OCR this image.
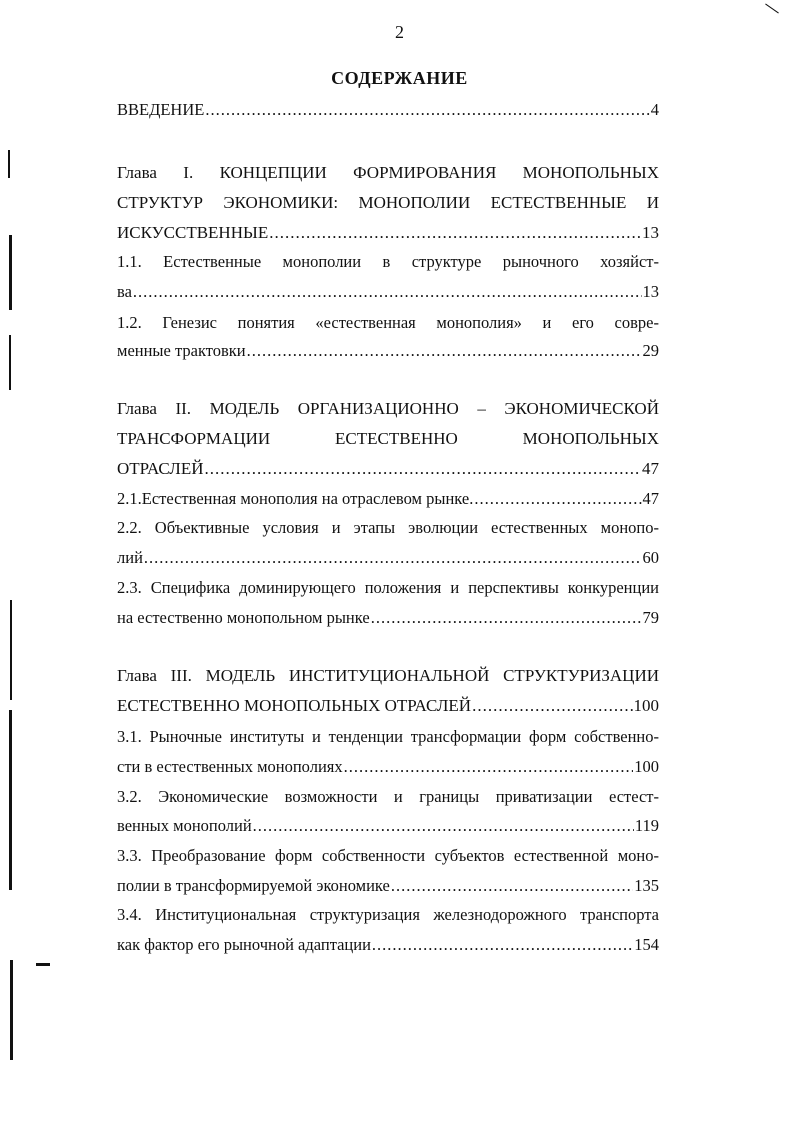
2
СОДЕРЖАНИЕ
ВВЕДЕНИЕ .....	4
Глава I. КОНЦЕПЦИИ ФОРМИРОВАНИЯ МОНОПОЛЬНЫХ
СТРУКТУР ЭКОНОМИКИ: МОНОПОЛИИ ЕСТЕСТВЕННЫЕ И
ИСКУССТВЕННЫЕ .....	13
1.1. Естественные монополии в структуре рыночного хозяйст-
ва .....	13
1.2. Генезис понятия «естественная монополия» и его совре-
менные трактовки .....	29
Глава II. МОДЕЛЬ ОРГАНИЗАЦИОННО – ЭКОНОМИЧЕСКОЙ
ТРАНСФОРМАЦИИ ЕСТЕСТВЕННО МОНОПОЛЬНЫХ
ОТРАСЛЕЙ .....	47
2.1.Естественная монополия на отраслевом рынке. .....	47
2.2. Объективные условия и этапы эволюции естественных монопо-
лий .....	60
2.3. Специфика доминирующего положения и перспективы конкуренции
на естественно монопольном рынке .....	79
Глава III. МОДЕЛЬ ИНСТИТУЦИОНАЛЬНОЙ СТРУКТУРИЗАЦИИ
ЕСТЕСТВЕННО МОНОПОЛЬНЫХ ОТРАСЛЕЙ .....	100
3.1. Рыночные институты и тенденции трансформации форм собственно-
сти в естественных монополиях .....	100
3.2. Экономические возможности и границы приватизации естест-
венных монополий .....	119
3.3. Преобразование форм собственности субъектов естественной моно-
полии в трансформируемой экономике .....	135
3.4. Институциональная структуризация железнодорожного транспорта
как фактор его рыночной адаптации .....	154
